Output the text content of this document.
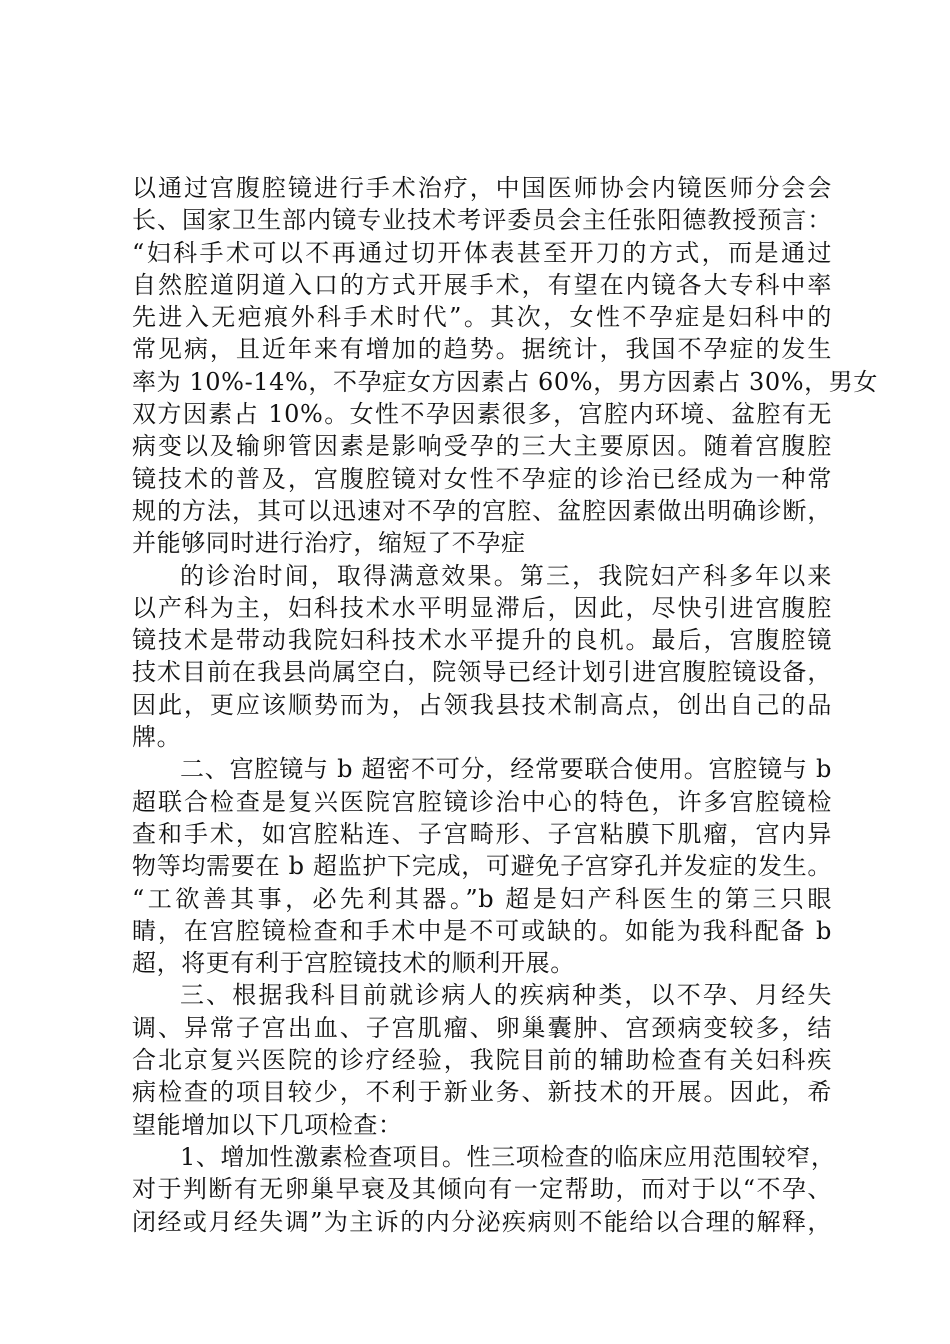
以通过宫腹腔镜进行手术治疗，中国医师协会内镜医师分会会
长、国家卫生部内镜专业技术考评委员会主任张阳德教授预言：
“妇科手术可以不再通过切开体表甚至开刀的方式，而是通过
自然腔道阴道入口的方式开展手术，有望在内镜各大专科中率
先进入无疤痕外科手术时代”。其次，女性不孕症是妇科中的
常见病，且近年来有增加的趋势。据统计，我国不孕症的发生
率为 10%-14%，不孕症女方因素占 60%，男方因素占 30%，男女
双方因素占 10%。女性不孕因素很多，宫腔内环境、盆腔有无
病变以及输卵管因素是影响受孕的三大主要原因。随着宫腹腔
镜技术的普及，宫腹腔镜对女性不孕症的诊治已经成为一种常
规的方法，其可以迅速对不孕的宫腔、盆腔因素做出明确诊断，
并能够同时进行治疗，缩短了不孕症
的诊治时间，取得满意效果。第三，我院妇产科多年以来
以产科为主，妇科技术水平明显滞后，因此，尽快引进宫腹腔
镜技术是带动我院妇科技术水平提升的良机。最后，宫腹腔镜
技术目前在我县尚属空白，院领导已经计划引进宫腹腔镜设备，
因此，更应该顺势而为，占领我县技术制高点，创出自己的品
牌。
二、宫腔镜与 b 超密不可分，经常要联合使用。宫腔镜与 b
超联合检查是复兴医院宫腔镜诊治中心的特色，许多宫腔镜检
查和手术，如宫腔粘连、子宫畸形、子宫粘膜下肌瘤，宫内异
物等均需要在 b 超监护下完成，可避免子宫穿孔并发症的发生。
“工欲善其事，必先利其器。”b 超是妇产科医生的第三只眼
睛，在宫腔镜检查和手术中是不可或缺的。如能为我科配备 b
超，将更有利于宫腔镜技术的顺利开展。
三、根据我科目前就诊病人的疾病种类，以不孕、月经失
调、异常子宫出血、子宫肌瘤、卵巢囊肿、宫颈病变较多，结
合北京复兴医院的诊疗经验，我院目前的辅助检查有关妇科疾
病检查的项目较少，不利于新业务、新技术的开展。因此，希
望能增加以下几项检查：
1、增加性激素检查项目。性三项检查的临床应用范围较窄，
对于判断有无卵巢早衰及其倾向有一定帮助，而对于以“不孕、
闭经或月经失调”为主诉的内分泌疾病则不能给以合理的解释，
